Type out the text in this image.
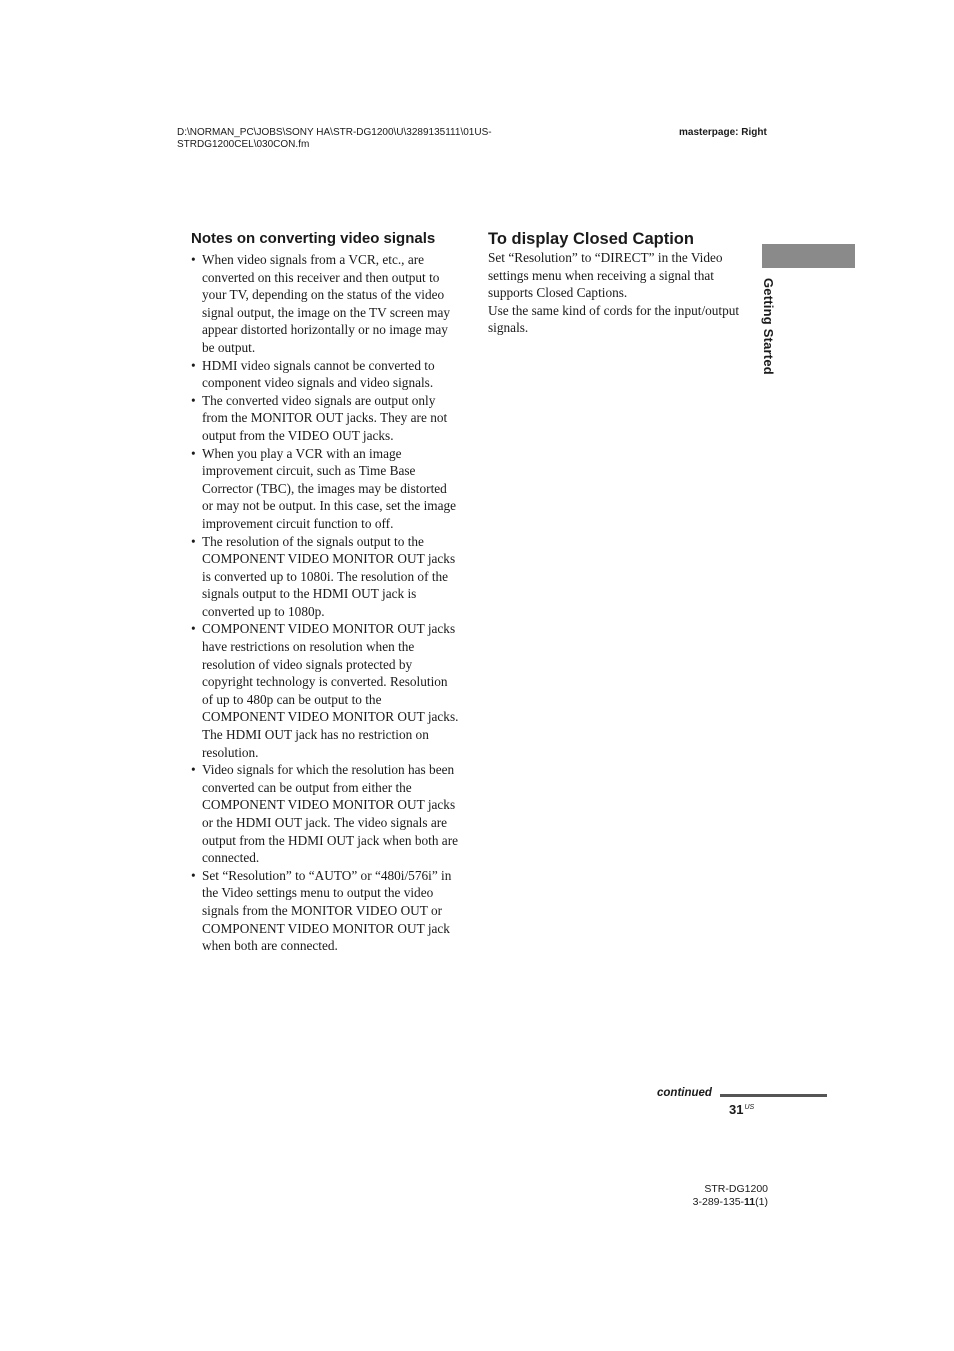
D:\NORMAN_PC\JOBS\SONY HA\STR-DG1200\U\3289135111\01US-
STRDG1200CEL\030CON.fm
masterpage: Right
Notes on converting video signals
• When video signals from a VCR, etc., are converted on this receiver and then output to your TV, depending on the status of the video signal output, the image on the TV screen may appear distorted horizontally or no image may be output.
• HDMI video signals cannot be converted to component video signals and video signals.
• The converted video signals are output only from the MONITOR OUT jacks. They are not output from the VIDEO OUT jacks.
• When you play a VCR with an image improvement circuit, such as Time Base Corrector (TBC), the images may be distorted or may not be output. In this case, set the image improvement circuit function to off.
• The resolution of the signals output to the COMPONENT VIDEO MONITOR OUT jacks is converted up to 1080i. The resolution of the signals output to the HDMI OUT jack is converted up to 1080p.
• COMPONENT VIDEO MONITOR OUT jacks have restrictions on resolution when the resolution of video signals protected by copyright technology is converted. Resolution of up to 480p can be output to the COMPONENT VIDEO MONITOR OUT jacks. The HDMI OUT jack has no restriction on resolution.
• Video signals for which the resolution has been converted can be output from either the COMPONENT VIDEO MONITOR OUT jacks or the HDMI OUT jack. The video signals are output from the HDMI OUT jack when both are connected.
• Set “Resolution” to “AUTO” or “480i/576i” in the Video settings menu to output the video signals from the MONITOR VIDEO OUT or COMPONENT VIDEO MONITOR OUT jack when both are connected.
To display Closed Caption

Set “Resolution” to “DIRECT” in the Video settings menu when receiving a signal that supports Closed Captions.

Use the same kind of cords for the input/output signals.	Getting Started
continued
$31^{US}$
STR-DG1200
3-289-135-11(1)
